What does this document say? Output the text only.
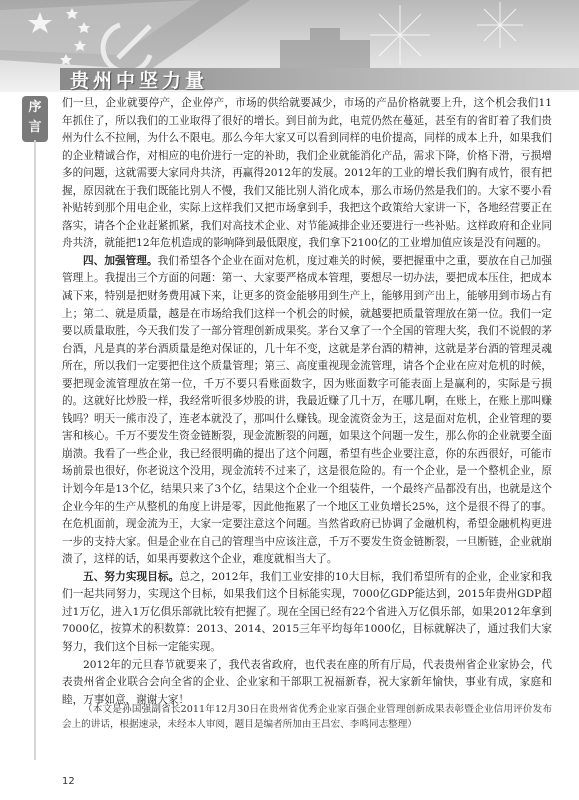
贵州中坚力量
序言

们一旦，企业就要停产，企业停产，市场的供给就要减少，市场的产品价格就要上升，这个机会我们11年抓住了，所以我们的工业取得了很好的增长。到目前为此，电荒仍然在蔓延，甚至有的省盯着了我们贵州为什么不拉闸，为什么不限电。那么今年大家又可以看到同样的电价提高，同样的成本上升，如果我们的企业精诚合作，对相应的电价进行一定的补助，我们企业就能消化产品，需求下降，价格下滑，亏损增多的问题，这就需要大家同舟共济，再赢得2012年的发展。2012年的工业的增长我们胸有成竹，很有把握，原因就在于我们既能比别人不慢，我们又能比别人消化成本，那么市场仍然是我们的。大家不要小看补贴转到那个用电企业，实际上这样我们又把市场拿到手，我把这个政策给大家讲一下，各地经营要正在落实，请各个企业赶紧抓紧，我们对高技术企业、对节能减排企业还要进行一些补贴。这样政府和企业同舟共济，就能把12年危机造成的影响降到最低限度，我们拿下2100亿的工业增加值应该是没有问题的。

四、加强管理。我们希望各个企业在面对危机，度过难关的时候，要把握重中之重，要放在自己加强管理上。我提出三个方面的问题：第一、大家要严格成本管理，要想尽一切办法，要把成本压住，把成本减下来，特别是把财务费用减下来，让更多的资金能够用到生产上，能够用到产出上，能够用到市场占有上；第二、就是质量，越是在市场给我们这样一个机会的时候，就越要把质量管理放在第一位。我们一定要以质量取胜，今天我们发了一部分管理创新成果奖。茅台又拿了一个全国的管理大奖，我们不说假的茅台酒，凡是真的茅台酒质量是绝对保证的，几十年不变，这就是茅台酒的精神，这就是茅台酒的管理灵魂所在，所以我们一定要把住这个质量管理；第三、高度重视现金流管理，请各个企业在应对危机的时候，要把现金流管理放在第一位，千万不要只看账面数字，因为账面数字可能表面上是赢利的，实际是亏损的。这就好比炒股一样，我经常听很多炒股的讲，我最近赚了几十万，在哪儿啊，在账上，在账上那叫赚钱吗？明天一熊市没了，连老本就没了，那叫什么赚钱。现金流资金为王，这是面对危机，企业管理的要害和核心。千万不要发生资金链断裂，现金流断裂的问题，如果这个问题一发生，那么你的企业就要全面崩溃。我看了一些企业，我已经很明确的提出了这个问题，希望有些企业要注意，你的东西很好，可能市场前景也很好，你老说这个没用，现金流转不过来了，这是很危险的。有一个企业，是一个整机企业，原计划今年是13个亿，结果只来了3个亿，结果这个企业一个组装件，一个最终产品都没有出，也就是这个企业今年的生产从整机的角度上讲是零，因此他拖累了一个地区工业负增长25%，这个是很不得了的事。在危机面前，现金流为王，大家一定要注意这个问题。当然省政府已协调了金融机构，希望金融机构更进一步的支持大家。但是企业在自己的管理当中应该注意，千万不要发生资金链断裂，一旦断链，企业就崩溃了，这样的话，如果再要救这个企业，难度就相当大了。

五、努力实现目标。总之，2012年，我们工业安排的10大目标，我们希望所有的企业，企业家和我们一起共同努力，实现这个目标，如果我们这个目标能实现，7000亿GDP能达到，2015年贵州GDP超过1万亿，进入1万亿俱乐部就比较有把握了。现在全国已经有22个省进入万亿俱乐部，如果2012年拿到7000亿，按算术的积数算：2013、2014、2015三年平均每年1000亿，目标就解决了，通过我们大家努力，我们这个目标一定能实现。

2012年的元旦春节就要来了，我代表省政府，也代表在座的所有厅局，代表贵州省企业家协会，代表贵州省企业联合会向全省的企业、企业家和干部职工祝福新春，祝大家新年愉快，事业有成，家庭和睦，万事如意，谢谢大家！

（本文是孙国强副省长2011年12月30日在贵州省优秀企业家百强企业管理创新成果表彰暨企业信用评价发布会上的讲话，根据速录，未经本人审阅，题目是编者所加由王昌宏、李鸣同志整理）
12
